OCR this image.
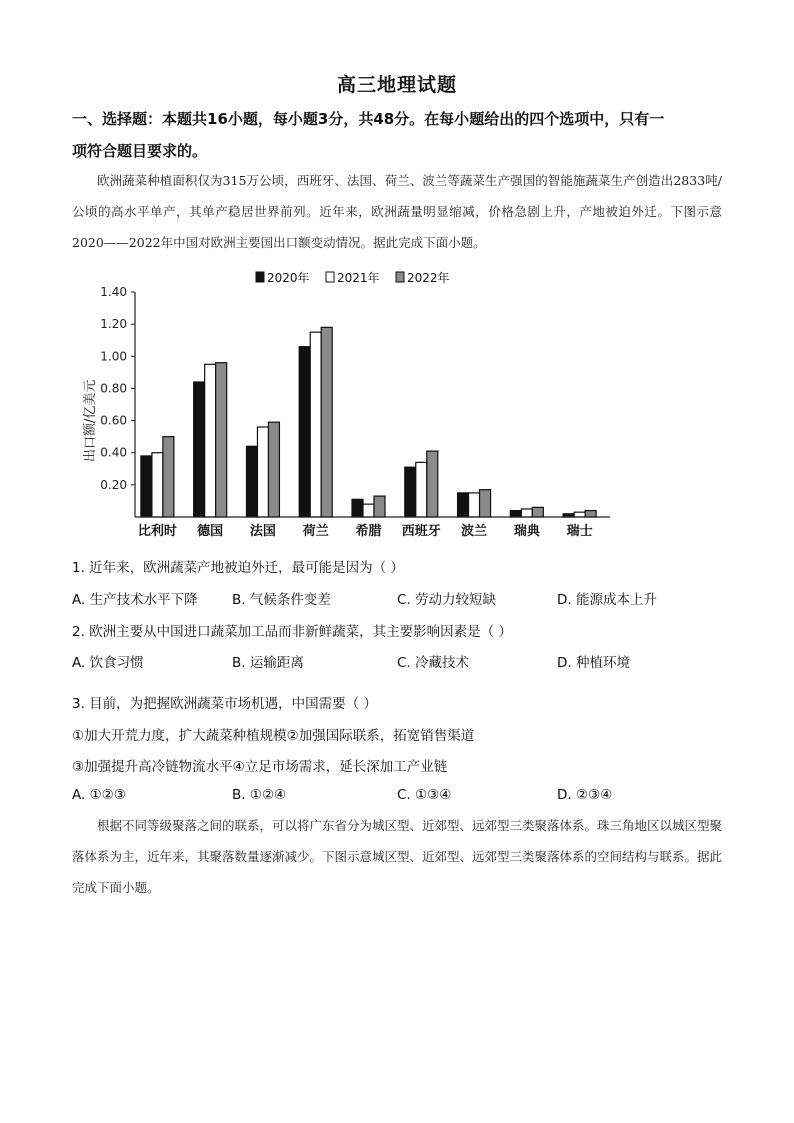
高三地理试题
一、选择题：本题共16小题，每小题3分，共48分。在每小题给出的四个选项中，只有一
项符合题目要求的。
欧洲蔬菜种植面积仅为315万公顷，西班牙、法国、荷兰、波兰等蔬菜生产强国的智能施蔬菜生产创造出2833吨/公顷的高水平单产，其单产稳居世界前列。近年来，欧洲蔬量明显缩减，价格急剧上升，产地被迫外迁。下图示意2020——2022年中国对欧洲主要国出口额变动情况。据此完成下面小题。
2020年 2021年 2022年
0.20
0.40
0.60
0.80
1.00
1.20
1.40
比利时 德国 法国 荷兰 希腊 西班牙 波兰 瑞典 瑞士
出口额/亿美元
1. 近年来，欧洲蔬菜产地被迫外迁，最可能是因为（ ）
A. 生产技术水平下降	B. 气候条件变差	C. 劳动力较短缺	D. 能源成本上升
2. 欧洲主要从中国进口蔬菜加工品而非新鲜蔬菜，其主要影响因素是（ ）
A. 饮食习惯	B. 运输距离	C. 冷藏技术	D. 种植环境
3. 目前，为把握欧洲蔬菜市场机遇，中国需要（ ）
①加大开荒力度，扩大蔬菜种植规模②加强国际联系，拓宽销售渠道
③加强提升高冷链物流水平④立足市场需求，延长深加工产业链
A. ①②③	B. ①②④	C. ①③④	D. ②③④
根据不同等级聚落之间的联系，可以将广东省分为城区型、近郊型、远郊型三类聚落体系。珠三角地区以城区型聚落体系为主，近年来，其聚落数量逐渐减少。下图示意城区型、近郊型、远郊型三类聚落体系的空间结构与联系。据此完成下面小题。
